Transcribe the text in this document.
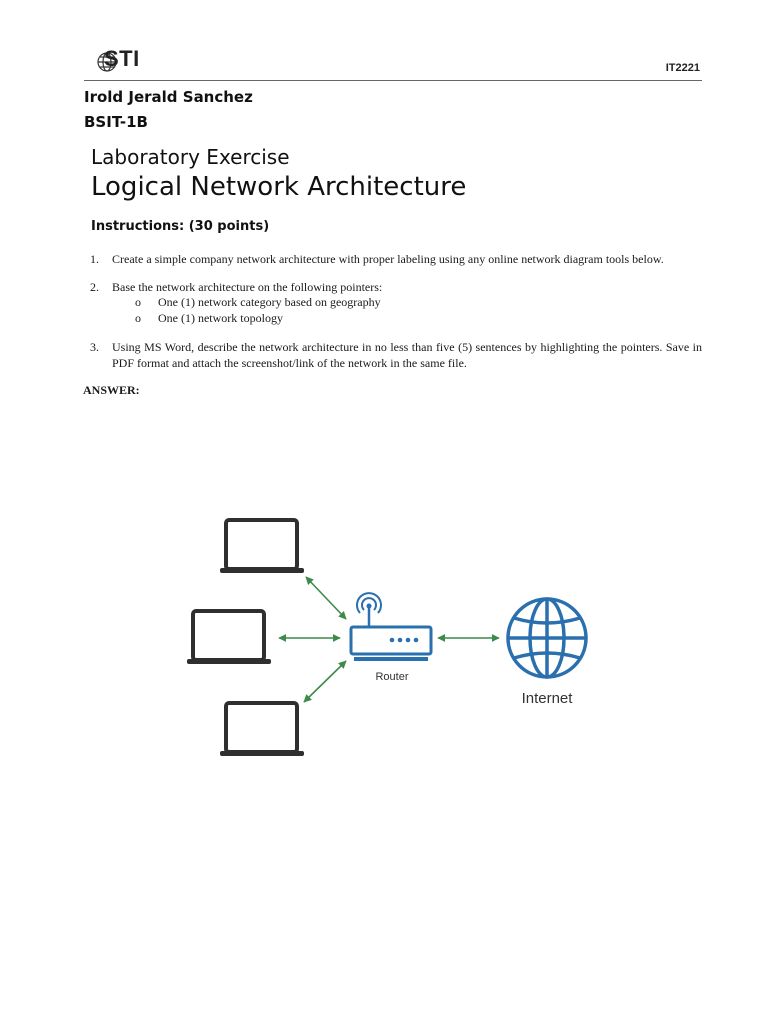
STI	IT2221
Irold Jerald Sanchez
BSIT-1B
Laboratory Exercise
Logical Network Architecture
Instructions: (30 points)
1. Create a simple company network architecture with proper labeling using any online network diagram tools below.
2. Base the network architecture on the following pointers:
o One (1) network category based on geography
o One (1) network topology
3. Using MS Word, describe the network architecture in no less than five (5) sentences by highlighting the pointers. Save in PDF format and attach the screenshot/link of the network in the same file.
ANSWER:
Router
Internet
